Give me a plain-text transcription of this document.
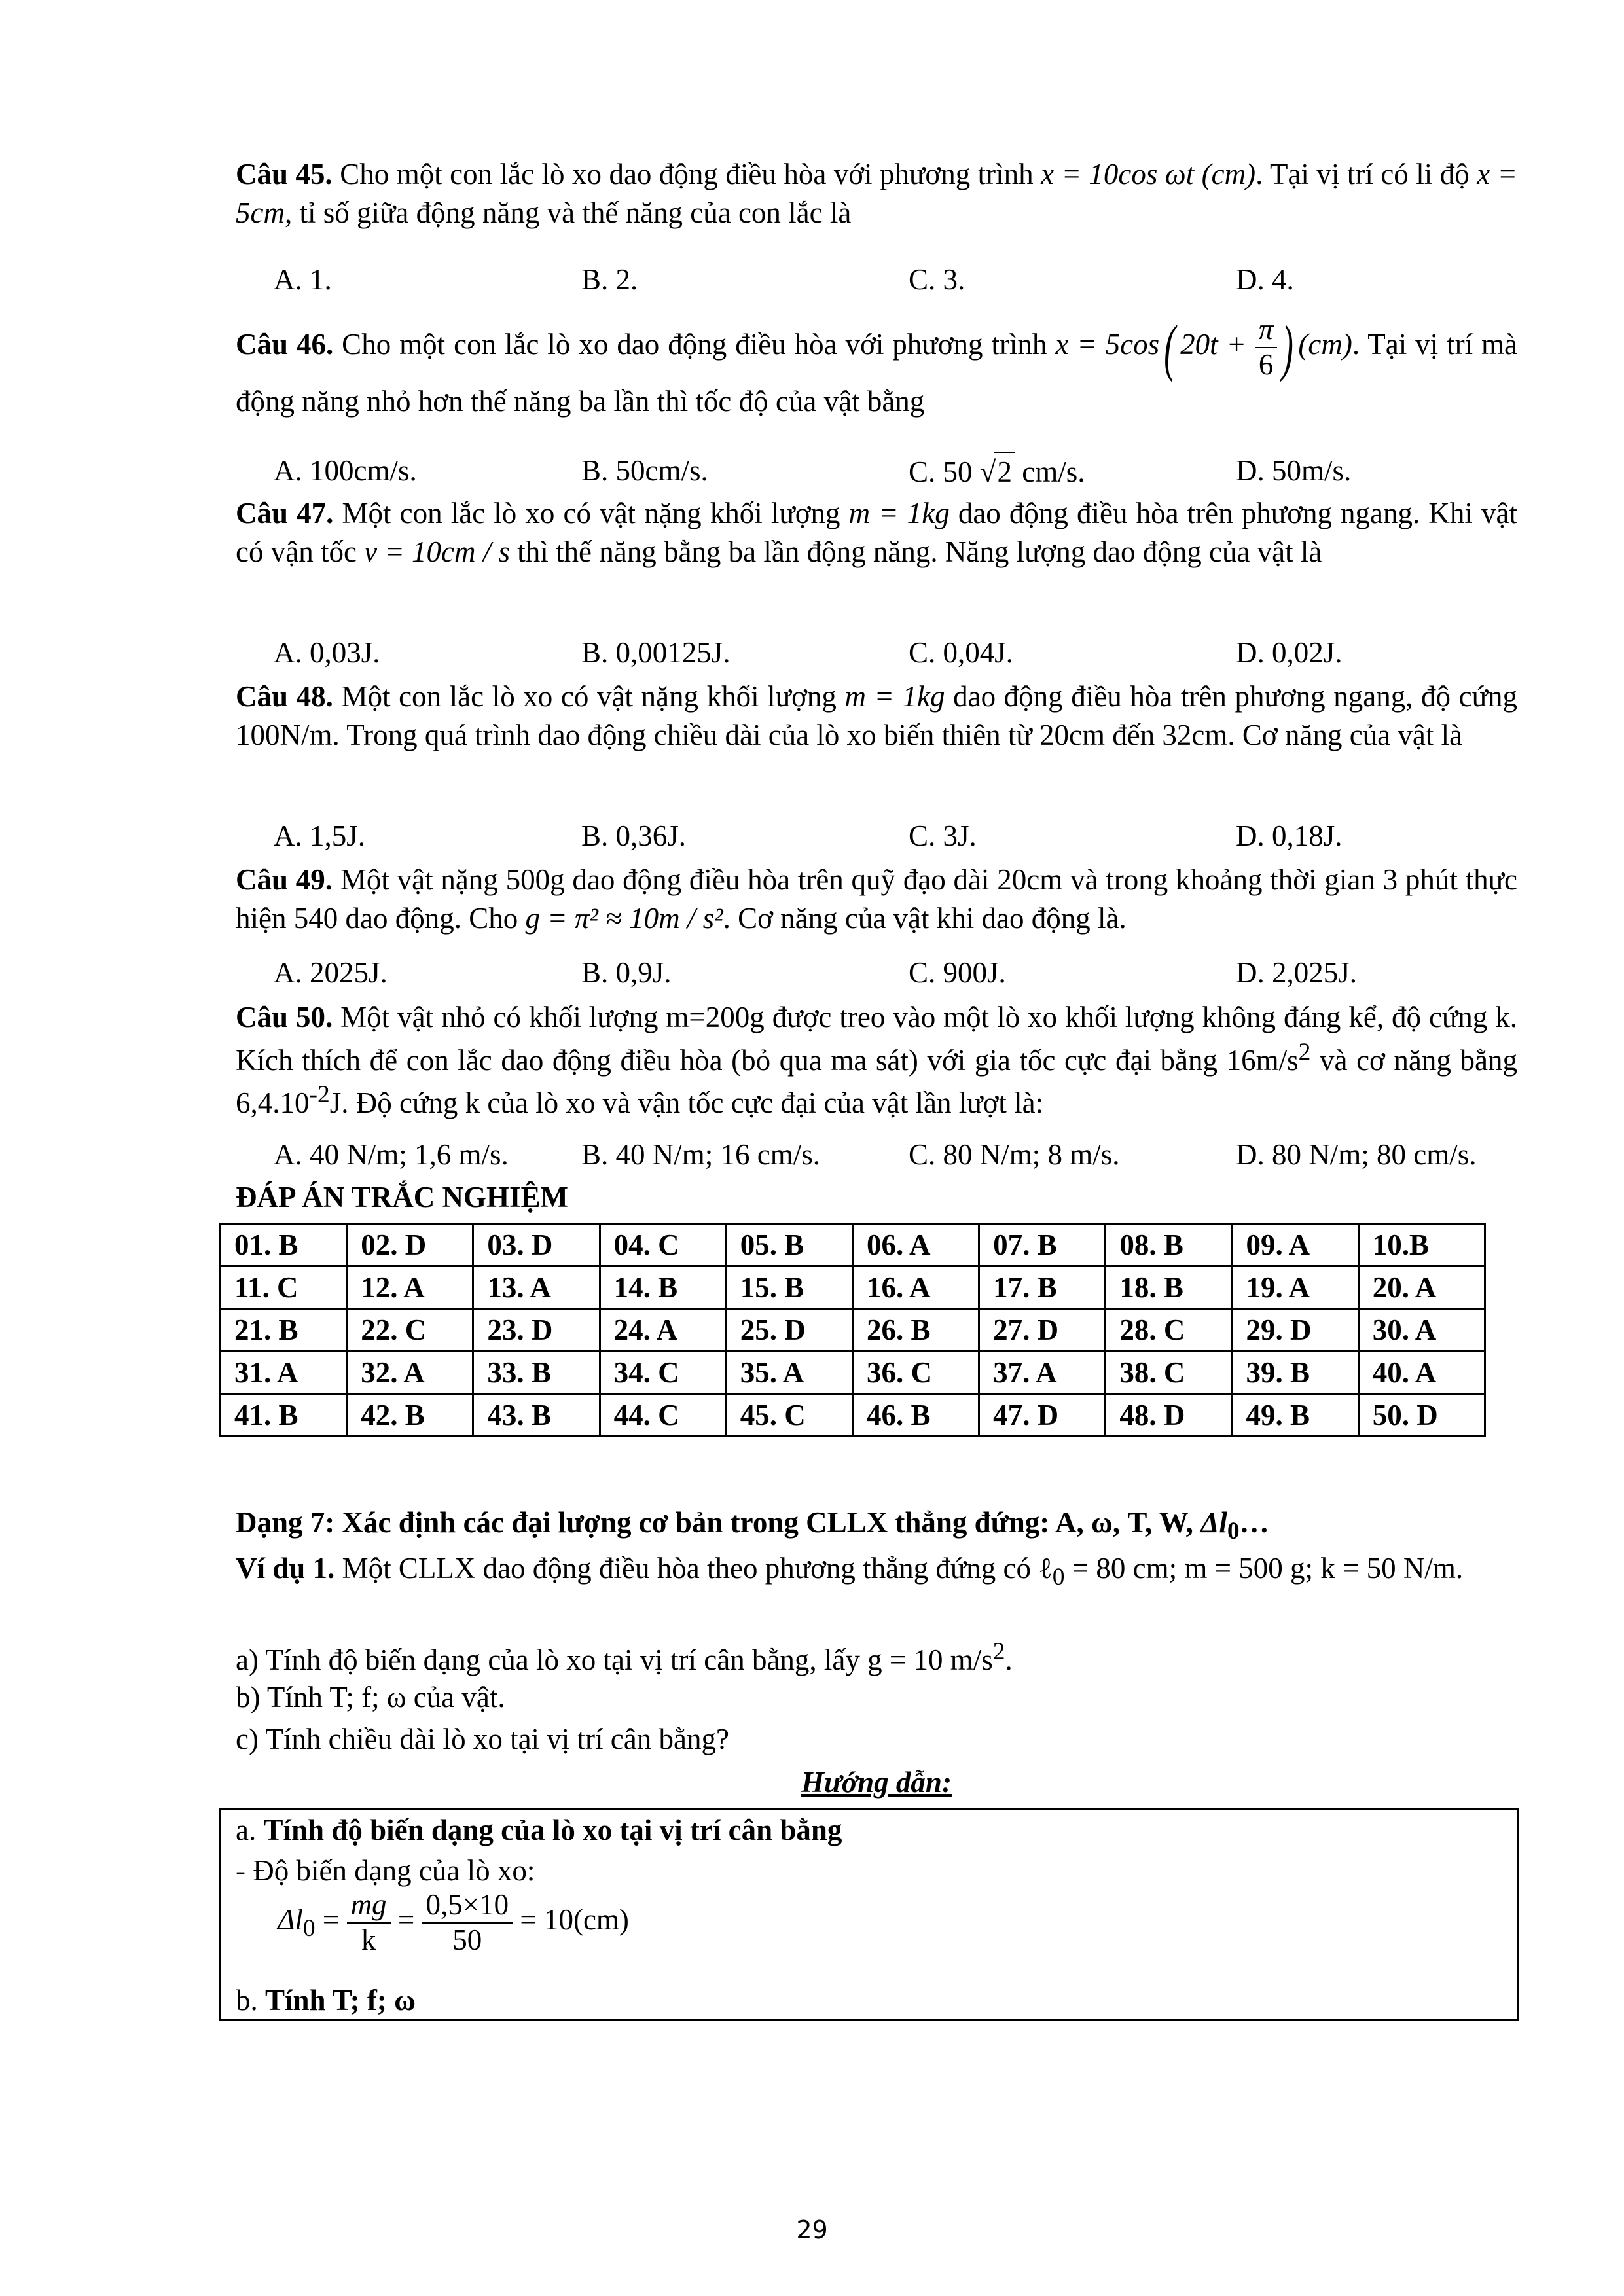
Câu 45. Cho một con lắc lò xo dao động điều hòa với phương trình x = 10cos ωt (cm). Tại vị trí có li độ x = 5cm, tỉ số giữa động năng và thế năng của con lắc là
A. 1.	B. 2.	C. 3.	D. 4.
Câu 46. Cho một con lắc lò xo dao động điều hòa với phương trình x = 5cos( $20t + \frac{\pi}{6}$ ) (cm). Tại vị trí mà động năng nhỏ hơn thế năng ba lần thì tốc độ của vật bằng
A. 100cm/s.	B. 50cm/s.	C. 50 √2 cm/s.	D. 50m/s.
Câu 47. Một con lắc lò xo có vật nặng khối lượng m = 1kg dao động điều hòa trên phương ngang. Khi vật có vận tốc v = 10cm / s thì thế năng bằng ba lần động năng. Năng lượng dao động của vật là
A. 0,03J.	B. 0,00125J.	C. 0,04J.	D. 0,02J.
Câu 48. Một con lắc lò xo có vật nặng khối lượng m = 1kg dao động điều hòa trên phương ngang, độ cứng 100N/m. Trong quá trình dao động chiều dài của lò xo biến thiên từ 20cm đến 32cm. Cơ năng của vật là
A. 1,5J.	B. 0,36J.	C. 3J.	D. 0,18J.
Câu 49. Một vật nặng 500g dao động điều hòa trên quỹ đạo dài 20cm và trong khoảng thời gian 3 phút thực hiện 540 dao động. Cho g = π² ≈ 10m / s². Cơ năng của vật khi dao động là.
A. 2025J.	B. 0,9J.	C. 900J.	D. 2,025J.
Câu 50. Một vật nhỏ có khối lượng m=200g được treo vào một lò xo khối lượng không đáng kể, độ cứng k. Kích thích để con lắc dao động điều hòa (bỏ qua ma sát) với gia tốc cực đại bằng $16m/s^2$ và cơ năng bằng $6,4.10^{-2}J$. Độ cứng k của lò xo và vận tốc cực đại của vật lần lượt là:
A. 40 N/m; 1,6 m/s. B. 40 N/m; 16 cm/s.	C. 80 N/m; 8 m/s.	D. 80 N/m; 80 cm/s.
ĐÁP ÁN TRẮC NGHIỆM
01. B	02. D	03. D	04. C	05. B	06. A	07. B	08. B	09. A	10.B
11. C	12. A	13. A	14. B	15. B	16. A	17. B	18. B	19. A	20. A
21. B	22. C	23. D	24. A	25. D	26. B	27. D	28. C	29. D	30. A
31. A	32. A	33. B	34. C	35. A	36. C	37. A	38. C	39. B	40. A
41. B	42. B	43. B	44. C	45. C	46. B	47. D	48. D	49. B	50. D
Dạng 7: Xác định các đại lượng cơ bản trong CLLX thẳng đứng: A, ω, T, W, $\Delta l_0\dots$
Ví dụ 1. Một CLLX dao động điều hòa theo phương thẳng đứng có ℓ$_0$ = 80 cm; m = 500 g; k = 50 N/m.
a) Tính độ biến dạng của lò xo tại vị trí cân bằng, lấy g = 10 $m/s^2$.
b) Tính T; f; ω của vật.
c) Tính chiều dài lò xo tại vị trí cân bằng?
Hướng dẫn:
a. Tính độ biến dạng của lò xo tại vị trí cân bằng
- Độ biến dạng của lò xo:
$\Delta l_0 = \frac{mg}{k} = \frac{0,5\times 10}{50} = 10(cm)$
b. Tính T; f; ω
29
